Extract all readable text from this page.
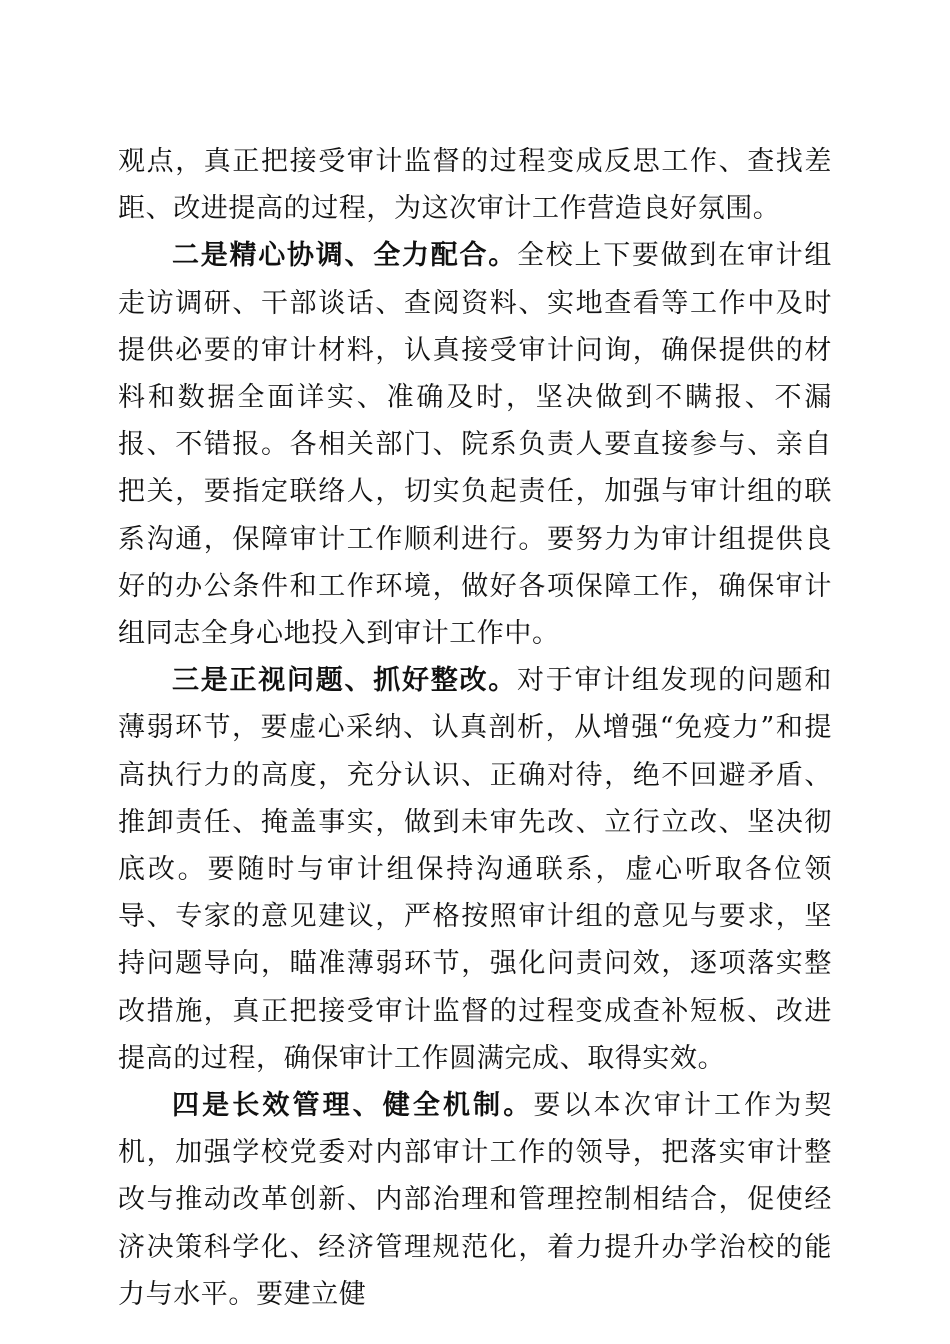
观点，真正把接受审计监督的过程变成反思工作、查找差距、改进提高的过程，为这次审计工作营造良好氛围。

二是精心协调、全力配合。全校上下要做到在审计组走访调研、干部谈话、查阅资料、实地查看等工作中及时提供必要的审计材料，认真接受审计问询，确保提供的材料和数据全面详实、准确及时，坚决做到不瞒报、不漏报、不错报。各相关部门、院系负责人要直接参与、亲自把关，要指定联络人，切实负起责任，加强与审计组的联系沟通，保障审计工作顺利进行。要努力为审计组提供良好的办公条件和工作环境，做好各项保障工作，确保审计组同志全身心地投入到审计工作中。

三是正视问题、抓好整改。对于审计组发现的问题和薄弱环节，要虚心采纳、认真剖析，从增强“免疫力”和提高执行力的高度，充分认识、正确对待，绝不回避矛盾、推卸责任、掩盖事实，做到未审先改、立行立改、坚决彻底改。要随时与审计组保持沟通联系，虚心听取各位领导、专家的意见建议，严格按照审计组的意见与要求，坚持问题导向，瞄准薄弱环节，强化问责问效，逐项落实整改措施，真正把接受审计监督的过程变成查补短板、改进提高的过程，确保审计工作圆满完成、取得实效。

四是长效管理、健全机制。要以本次审计工作为契机，加强学校党委对内部审计工作的领导，把落实审计整改与推动改革创新、内部治理和管理控制相结合，促使经济决策科学化、经济管理规范化，着力提升办学治校的能力与水平。要建立健
